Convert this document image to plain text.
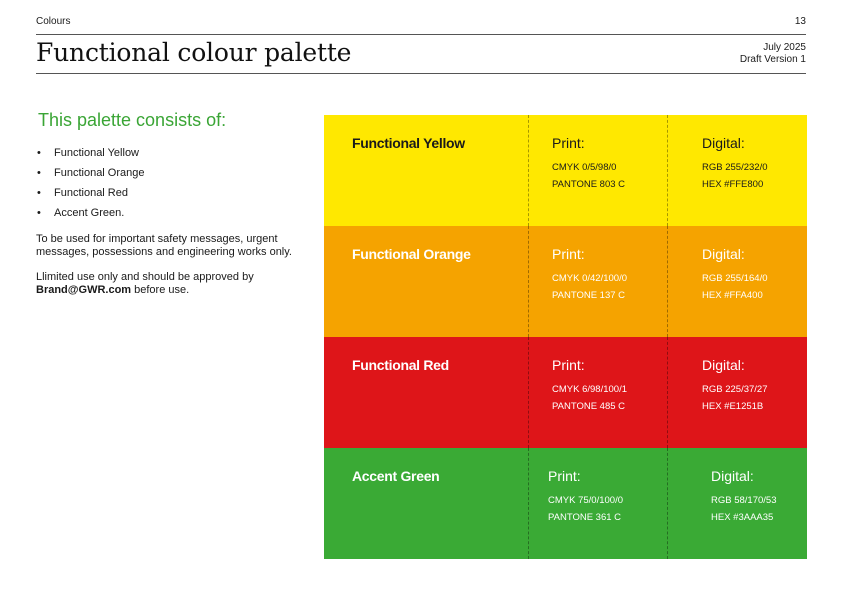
Colours	13
Functional colour palette	July 2025
Draft Version 1
This palette consists of:
• Functional Yellow
• Functional Orange
• Functional Red
• Accent Green.

To be used for important safety messages, urgent messages, possessions and engineering works only.

Llimited use only and should be approved by Brand@GWR.com before use.

Functional Yellow	Print:
CMYK 0/5/98/0
PANTONE 803 C
Digital:
RGB 255/232/0
HEX #FFE800
Functional Orange	Print:
CMYK 0/42/100/0
PANTONE 137 C
Digital:
RGB 255/164/0
HEX #FFA400
Functional Red	Print:
CMYK 6/98/100/1
PANTONE 485 C
Digital:
RGB 225/37/27
HEX #E1251B
Accent Green	Print:
CMYK 75/0/100/0
PANTONE 361 C
Digital:
RGB 58/170/53
HEX #3AAA35
